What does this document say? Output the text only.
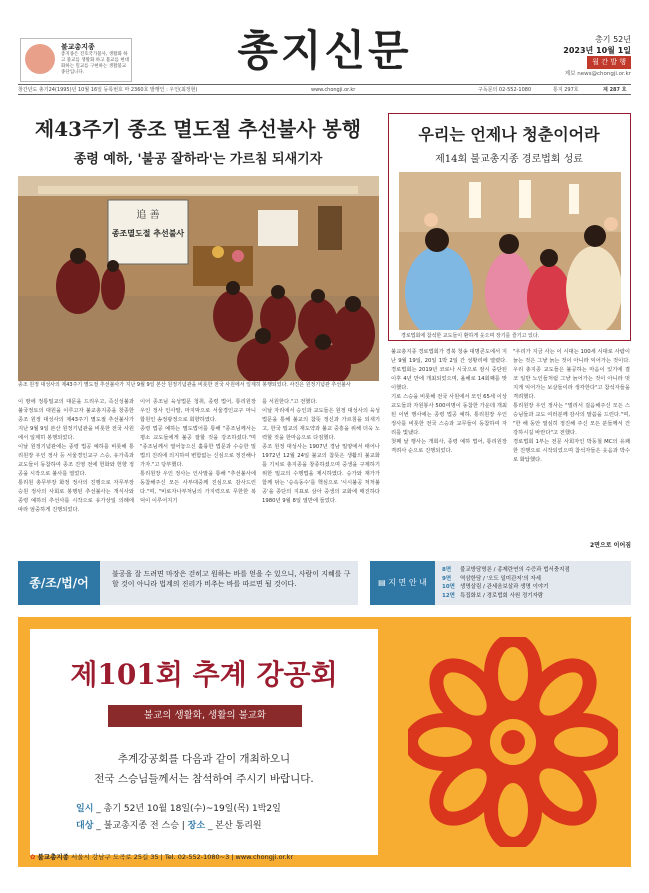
불교총지종
총지종은 진호국가불사, 생활화 하고 불교를 생활화 하고 불교를 현대화하는 밀교를 구현하는 생활불교 종단입니다.	총지신문	총기 52년
2023년 10월 1일
월 간 발 행
제보 news@chongji.or.kr
창간년도 총기24(1995)년 10월 16일 등록번호 마 2360호 발행인 : 우인(최정현)	www.chongji.or.kr	구독문의 02-552-1080	통지 297호	제 287 호
제43주기 종조 멸도절 추선불사 봉행
종령 예하, '불공 잘하라'는 가르침 되새기자
追 善
종조멸도절 추선불사
종조 원정 대성사의 제43주기 멸도절 추선불사가 지난 9월 9일 본산 원정기념관을 비롯한 전국 사원에서 일제히 봉행되었다. 사진은 원정기념관 추선불사
이 땅에 정통밀교의 대문을 드리우고, 즉신성불과 불국정토의 대원을 이루고자 불교총지종을 창종한 종조 원정 대성사의 제43주기 멸도절 추선불사가 지난 9월 9일 본산 원정기념관을 비롯한 전국 사원에서 일제히 봉행되었다.
이날 원정기념관에는 종령 법공 예하를 비롯해 통리원장 우인 정사 등 서울경인교구 스승, 유가족과 교도들이 동참하여 종조 진영 전에 헌화와 헌향 정공을 시작으로 불사를 열었다.
통리원 총무부장 화정 정사의 진행으로 자무부장 승원 정사의 사회로 봉행된 추선불사는 개식사와 종령 예하의 추선사를 시작으로 유가상일 의례에 따라 엄중하게 진행되었다.
이어 종조님 육성법문 청취, 종령 법어, 통리원장 우인 정사 인사말, 마지막으로 서울경인교구 마니합원인 송정광정으로 회향하였다.
종령 법공 예하는 멸도법어를 통해 "종조님께서는 평소 교도들에게 불공 잘할 것을 강조하셨다."며 "종조님께서 열어놓으신 훌륭한 법문과 수승한 밀법의 진리에 의지하여 변함없는 신심으로 정진해나가자."고 당부했다.
통리원장 우인 정사는 인사말을 통해 "추선불사에 동참해주신 모든 사부대중께 진심으로 감사드린다."며, "비로자나부처님의 가지력으로 무한한 복덕이 이루어지기
를 서원한다."고 전했다.
이날 자리에서 승인과 교도들은 원정 대성사의 육성 법문을 통해 불교의 참뜻 정신과 가르침을 되새기고, 한국 밀교의 재도약과 불교 중흥을 위해 더욱 노력할 것을 한마음으로 다짐했다.
종조 원정 대성사는 1907년 경남 밀양에서 태어나 1972년 12월 24일 불교의 참뜻은 생활의 불교화를 기치로 총지종을 창종하셨으며 중생을 구제하기 위한 밀교의 수행법을 제시하였다. 승가와 재가가 함께 닦는 '승속동수'를 핵심으로 '시시불공 처처불공'을 종단의 지표로 삼아 중생의 교화에 매진하다 1980년 9월 8일 열반에 들었다.
우리는 언제나 청춘이어라
제14회 불교총지종 경로법회 성료
경로법회에 참석한 교도들이 환하게 웃으며 장기를 즐기고 있다.
불교총지종 경로법회가 경북 청송 대명콘도에서 지난 9월 19일, 20일 1박 2일 간 성황리에 열렸다. 경로법회는 2019년 코로나 시국으로 잠시 중단된 이후 4년 만에 개최되었으며, 올해로 14회째를 맞이했다.
기로 스승을 비롯해 전국 사원에서 모인 65세 이상 교도들과 자원봉사 500여명이 동참한 가운데 개최된 이번 행사에는 종령 법공 예하, 통리원장 우인 정사를 비롯한 전국 스승과 교무들이 동참하여 자리를 빛냈다.
첫째 날 행사는 개회사, 종령 예하 법어, 통리원장 격려사 순으로 진행되었다.
"우리가 지금 사는 이 시대는 100세 시대로 사람이 늙는 것은 그냥 늙는 것이 아니라 익어가는 것이다. 우리 총지종 교도들은 불공하는 마음이 있기에 결코 일반 노인들처럼 그냥 늙어가는 것이 아니라 멋지게 익어가는 보살들이라 생각한다"고 참석자들을 격려했다.
통리원장 우인 정사는 "멀리서 걸음해주신 모든 스승님들과 교도 여러분께 감사의 말씀을 드린다."며, "한 해 동안 열심히 정진해 주신 모든 분들께서 건강하시길 바란다"고 전했다.
경로법회 1부는 전문 사회자인 박동철 MC의 유쾌한 진행으로 시작되었으며 참석자들은 웃음과 박수로 화답했다.
2면으로 이어짐
종/조/법/어
불공을 잘 드려면 마장은 걷히고 원하는 바를 얻을 수 있으니, 사람이 지혜를 구할 것이 아니라 법계의 진리가 비추는 바를 따르면 될 것이다.	▤ 지 면 안 내
8면 불교방담명론 / 종제란연의 수증과 법서충지점
9면 역삼한담 / '오도 일미관저'의 자세
10면 생명살림 / 관세음보살과 생명 이야기
12면 특집화보 / 경로법회 사원 정기자람
제101회 추계 강공회
불교의 생활화, 생활의 불교화
추계강공회를 다음과 같이 개최하오니
전국 스승님들께서는 참석하여 주시기 바랍니다.
일시 _ 총기 52년 10월 18일(수)~19일(목) 1박2일
대상 _ 불교총지종 전 스승 | 장소 _ 본산 통리원
✿ 불교총지종 서울시 강남구 도곡로 25길 35 | Tel. 02-552-1080~3 | www.chongji.or.kr
